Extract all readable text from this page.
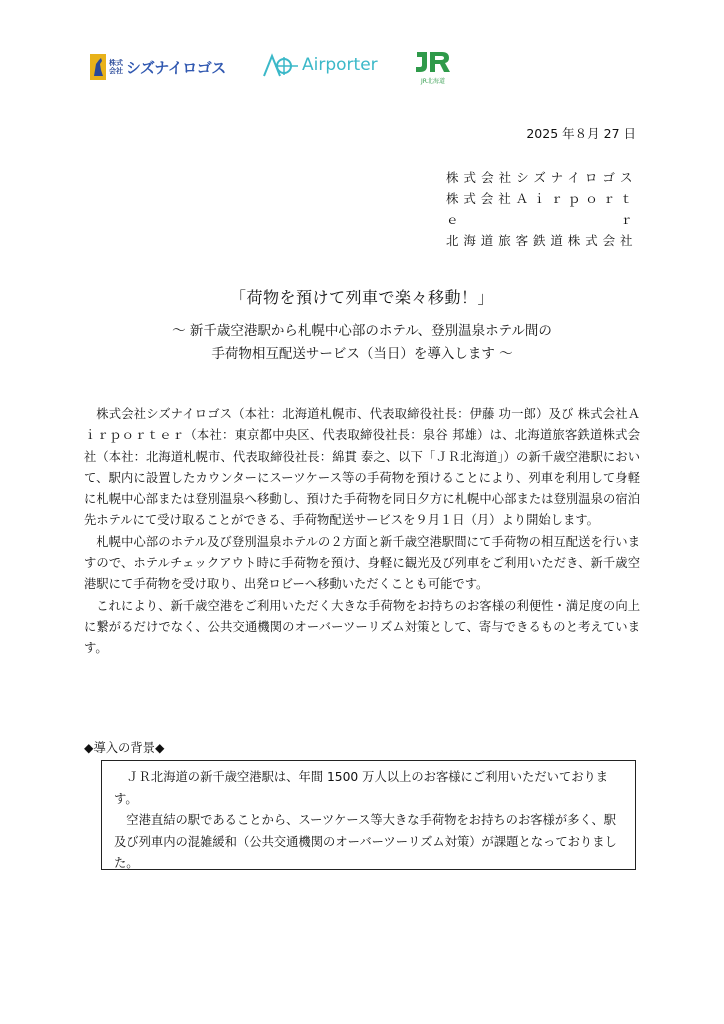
株式会社 シズナイロゴス	Airporter
JR北海道
2025 年８月 27 日
株式会社シズナイロゴス
株式会社Ａｉｒｐｏｒｔｅｒ
北海道旅客鉄道株式会社
「荷物を預けて列車で楽々移動！」
～ 新千歳空港駅から札幌中心部のホテル、登別温泉ホテル間の
手荷物相互配送サービス（当日）を導入します ～

株式会社シズナイロゴス（本社：北海道札幌市、代表取締役社長：伊藤 功一郎）及び 株式会社Ａｉｒｐｏｒｔｅｒ（本社：東京都中央区、代表取締役社長：泉谷 邦雄）は、北海道旅客鉄道株式会社（本社：北海道札幌市、代表取締役社長：綿貫 泰之、以下「ＪＲ北海道」）の新千歳空港駅において、駅内に設置したカウンターにスーツケース等の手荷物を預けることにより、列車を利用して身軽に札幌中心部または登別温泉へ移動し、預けた手荷物を同日夕方に札幌中心部または登別温泉の宿泊先ホテルにて受け取ることができる、手荷物配送サービスを９月１日（月）より開始します。

札幌中心部のホテル及び登別温泉ホテルの２方面と新千歳空港駅間にて手荷物の相互配送を行いますので、ホテルチェックアウト時に手荷物を預け、身軽に観光及び列車をご利用いただき、新千歳空港駅にて手荷物を受け取り、出発ロビーへ移動いただくことも可能です。

これにより、新千歳空港をご利用いただく大きな手荷物をお持ちのお客様の利便性・満足度の向上に繋がるだけでなく、公共交通機関のオーバーツーリズム対策として、寄与できるものと考えています。

◆導入の背景◆

ＪＲ北海道の新千歳空港駅は、年間 1500 万人以上のお客様にご利用いただいております。

空港直結の駅であることから、スーツケース等大きな手荷物をお持ちのお客様が多く、駅及び列車内の混雑緩和（公共交通機関のオーバーツーリズム対策）が課題となっておりました。
